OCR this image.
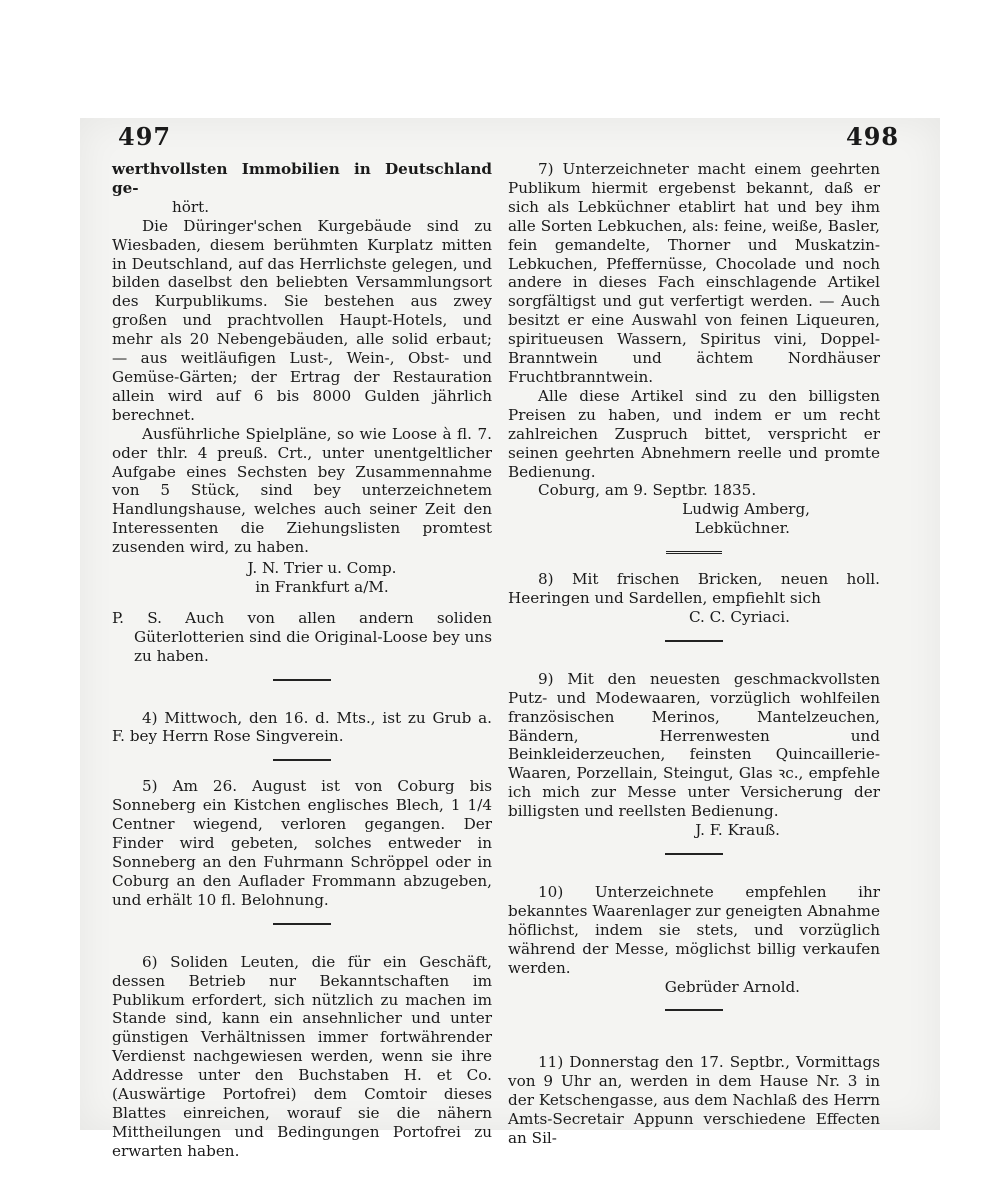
497	498

werthvollsten Immobilien in Deutschland ge-

hört.

Die Düringer'schen Kurgebäude sind zu Wiesbaden, diesem berühmten Kurplatz mitten in Deutschland, auf das Herrlichste gelegen, und bilden daselbst den beliebten Versammlungsort des Kurpublikums. Sie bestehen aus zwey großen und prachtvollen Haupt-Hotels, und mehr als 20 Nebengebäuden, alle solid erbaut; — aus weitläufigen Lust-, Wein-, Obst- und Gemüse-Gärten; der Ertrag der Restauration allein wird auf 6 bis 8000 Gulden jährlich berechnet.

Ausführliche Spielpläne, so wie Loose à fl. 7. oder thlr. 4 preuß. Crt., unter unentgeltlicher Aufgabe eines Sechsten bey Zusammennahme von 5 Stück, sind bey unterzeichnetem Handlungshause, welches auch seiner Zeit den Interessenten die Ziehungslisten promtest zusenden wird, zu haben.

J. N. Trier u. Comp.

in Frankfurt a/M.

P. S. Auch von allen andern soliden Güterlotterien sind die Original-Loose bey uns zu haben.

4) Mittwoch, den 16. d. Mts., ist zu Grub a. F. bey Herrn Rose Singverein.

5) Am 26. August ist von Coburg bis Sonneberg ein Kistchen englisches Blech, 1 1/4 Centner wiegend, verloren gegangen. Der Finder wird gebeten, solches entweder in Sonneberg an den Fuhrmann Schröppel oder in Coburg an den Auflader Frommann abzugeben, und erhält 10 fl. Belohnung.

6) Soliden Leuten, die für ein Geschäft, dessen Betrieb nur Bekanntschaften im Publikum erfordert, sich nützlich zu machen im Stande sind, kann ein ansehnlicher und unter günstigen Verhältnissen immer fortwährender Verdienst nachgewiesen werden, wenn sie ihre Addresse unter den Buchstaben H. et Co. (Auswärtige Portofrei) dem Comtoir dieses Blattes einreichen, worauf sie die nähern Mittheilungen und Bedingungen Portofrei zu erwarten haben.

7) Unterzeichneter macht einem geehrten Publikum hiermit ergebenst bekannt, daß er sich als Lebküchner etablirt hat und bey ihm alle Sorten Lebkuchen, als: feine, weiße, Basler, fein gemandelte, Thorner und Muskatzin-Lebkuchen, Pfeffernüsse, Chocolade und noch andere in dieses Fach einschlagende Artikel sorgfältigst und gut verfertigt werden. — Auch besitzt er eine Auswahl von feinen Liqueuren, spiritueusen Wassern, Spiritus vini, Doppel-Branntwein und ächtem Nordhäuser Fruchtbranntwein.

Alle diese Artikel sind zu den billigsten Preisen zu haben, und indem er um recht zahlreichen Zuspruch bittet, verspricht er seinen geehrten Abnehmern reelle und promte Bedienung.

Coburg, am 9. Septbr. 1835.

Ludwig Amberg,

Lebküchner.

8) Mit frischen Bricken, neuen holl. Heeringen und Sardellen, empfiehlt sich

C. C. Cyriaci.

9) Mit den neuesten geschmackvollsten Putz- und Modewaaren, vorzüglich wohlfeilen französischen Merinos, Mantelzeuchen, Bändern, Herrenwesten und Beinkleiderzeuchen, feinsten Quincaillerie-Waaren, Porzellain, Steingut, Glas ꝛc., empfehle ich mich zur Messe unter Versicherung der billigsten und reellsten Bedienung.

J. F. Krauß.

10) Unterzeichnete empfehlen ihr bekanntes Waarenlager zur geneigten Abnahme höflichst, indem sie stets, und vorzüglich während der Messe, möglichst billig verkaufen werden.

Gebrüder Arnold.

11) Donnerstag den 17. Septbr., Vormittags von 9 Uhr an, werden in dem Hause Nr. 3 in der Ketschengasse, aus dem Nachlaß des Herrn Amts-Secretair Appunn verschiedene Effecten an Sil-
